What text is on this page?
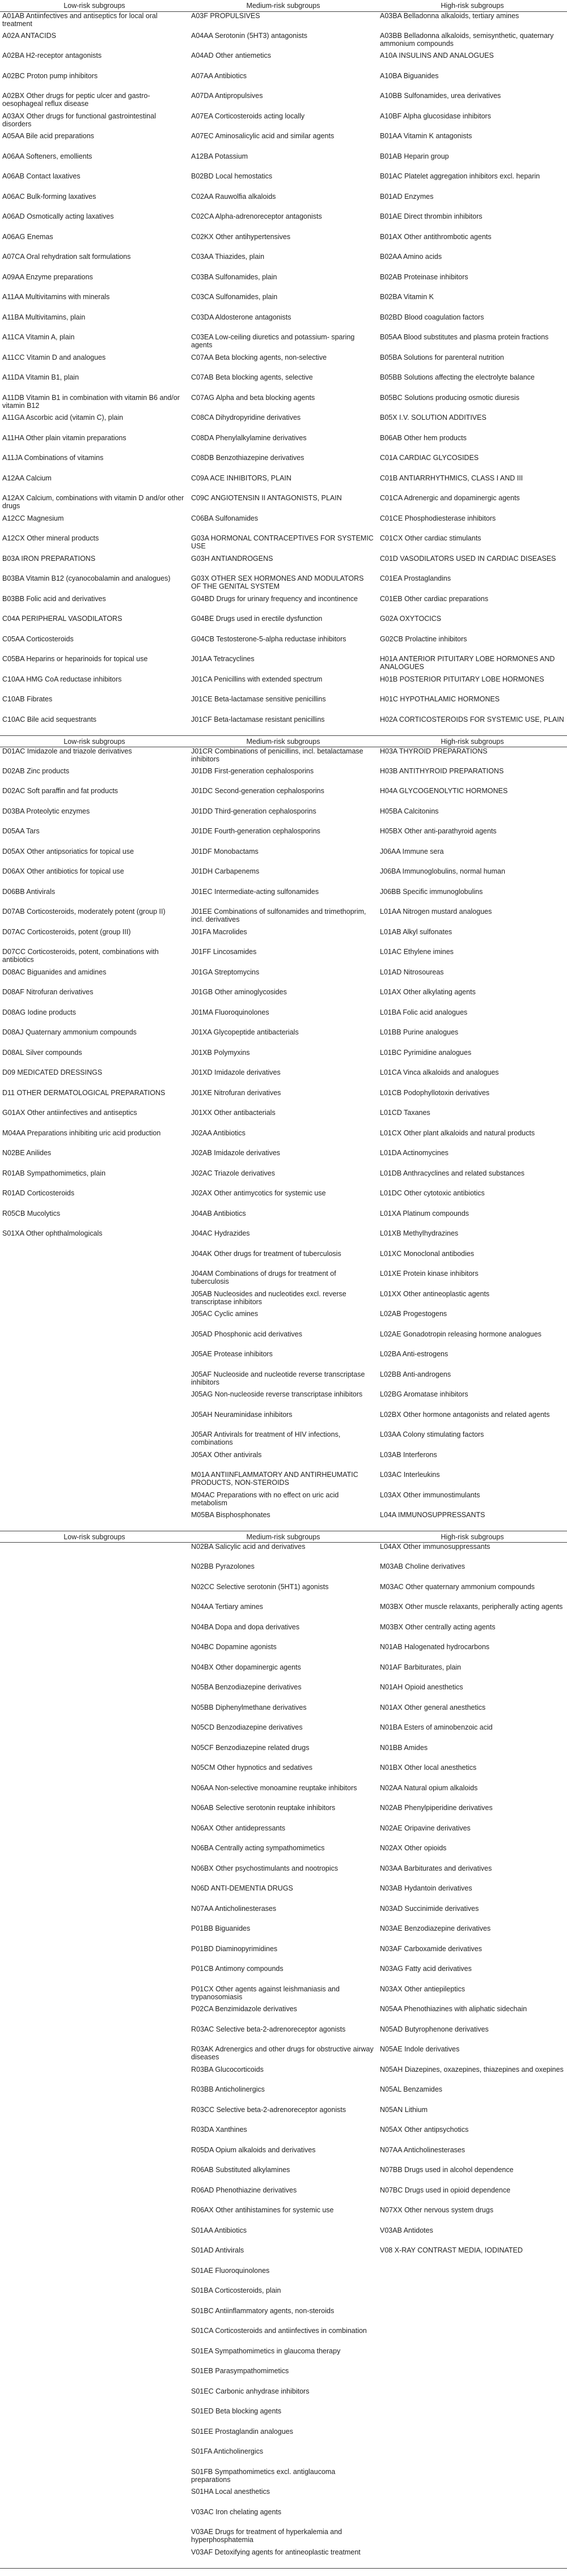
Low-risk subgroups	Medium-risk subgroups	High-risk subgroups
A01AB Antiinfectives and antiseptics for local oral treatment	A03F PROPULSIVES	A03BA Belladonna alkaloids, tertiary amines
A02A ANTACIDS	A04AA Serotonin (5HT3) antagonists	A03BB Belladonna alkaloids, semisynthetic, quaternary ammonium compounds
A02BA H2-receptor antagonists	A04AD Other antiemetics	A10A INSULINS AND ANALOGUES
A02BC Proton pump inhibitors	A07AA Antibiotics	A10BA Biguanides
A02BX Other drugs for peptic ulcer and gastro-oesophageal reflux disease	A07DA Antipropulsives	A10BB Sulfonamides, urea derivatives
A03AX Other drugs for functional gastrointestinal disorders	A07EA Corticosteroids acting locally	A10BF Alpha glucosidase inhibitors
A05AA Bile acid preparations	A07EC Aminosalicylic acid and similar agents	B01AA Vitamin K antagonists
A06AA Softeners, emollients	A12BA Potassium	B01AB Heparin group
A06AB Contact laxatives	B02BD Local hemostatics	B01AC Platelet aggregation inhibitors excl. heparin
A06AC Bulk-forming laxatives	C02AA Rauwolfia alkaloids	B01AD Enzymes
A06AD Osmotically acting laxatives	C02CA Alpha-adrenoreceptor antagonists	B01AE Direct thrombin inhibitors
A06AG Enemas	C02KX Other antihypertensives	B01AX Other antithrombotic agents
A07CA Oral rehydration salt formulations	C03AA Thiazides, plain	B02AA Amino acids
A09AA Enzyme preparations	C03BA Sulfonamides, plain	B02AB Proteinase inhibitors
A11AA Multivitamins with minerals	C03CA Sulfonamides, plain	B02BA Vitamin K
A11BA Multivitamins, plain	C03DA Aldosterone antagonists	B02BD Blood coagulation factors
A11CA Vitamin A, plain	C03EA Low-ceiling diuretics and potassium- sparing agents	B05AA Blood substitutes and plasma protein fractions
A11CC Vitamin D and analogues	C07AA Beta blocking agents, non-selective	B05BA Solutions for parenteral nutrition
A11DA Vitamin B1, plain	C07AB Beta blocking agents, selective	B05BB Solutions affecting the electrolyte balance
A11DB Vitamin B1 in combination with vitamin B6 and/or vitamin B12	C07AG Alpha and beta blocking agents	B05BC Solutions producing osmotic diuresis
A11GA Ascorbic acid (vitamin C), plain	C08CA Dihydropyridine derivatives	B05X I.V. SOLUTION ADDITIVES
A11HA Other plain vitamin preparations	C08DA Phenylalkylamine derivatives	B06AB Other hem products
A11JA Combinations of vitamins	C08DB Benzothiazepine derivatives	C01A CARDIAC GLYCOSIDES
A12AA Calcium	C09A ACE INHIBITORS, PLAIN	C01B ANTIARRHYTHMICS, CLASS I AND III
A12AX Calcium, combinations with vitamin D and/or other drugs	C09C ANGIOTENSIN II ANTAGONISTS, PLAIN	C01CA Adrenergic and dopaminergic agents
A12CC Magnesium	C06BA Sulfonamides	C01CE Phosphodiesterase inhibitors
A12CX Other mineral products	G03A HORMONAL CONTRACEPTIVES FOR SYSTEMIC USE	C01CX Other cardiac stimulants
B03A IRON PREPARATIONS	G03H ANTIANDROGENS	C01D VASODILATORS USED IN CARDIAC DISEASES
B03BA Vitamin B12 (cyanocobalamin and analogues)	G03X OTHER SEX HORMONES AND MODULATORS OF THE GENITAL SYSTEM	C01EA Prostaglandins
B03BB Folic acid and derivatives	G04BD Drugs for urinary frequency and incontinence	C01EB Other cardiac preparations
C04A PERIPHERAL VASODILATORS	G04BE Drugs used in erectile dysfunction	G02A OXYTOCICS
C05AA Corticosteroids	G04CB Testosterone-5-alpha reductase inhibitors	G02CB Prolactine inhibitors
C05BA Heparins or heparinoids for topical use	J01AA Tetracyclines	H01A ANTERIOR PITUITARY LOBE HORMONES AND ANALOGUES
C10AA HMG CoA reductase inhibitors	J01CA Penicillins with extended spectrum	H01B POSTERIOR PITUITARY LOBE HORMONES
C10AB Fibrates	J01CE Beta-lactamase sensitive penicillins	H01C HYPOTHALAMIC HORMONES
C10AC Bile acid sequestrants	J01CF Beta-lactamase resistant penicillins	H02A CORTICOSTEROIDS FOR SYSTEMIC USE, PLAIN
Low-risk subgroups	Medium-risk subgroups	High-risk subgroups
D01AC Imidazole and triazole derivatives	J01CR Combinations of penicillins, incl. betalactamase inhibitors	H03A THYROID PREPARATIONS
D02AB Zinc products	J01DB First-generation cephalosporins	H03B ANTITHYROID PREPARATIONS
D02AC Soft paraffin and fat products	J01DC Second-generation cephalosporins	H04A GLYCOGENOLYTIC HORMONES
D03BA Proteolytic enzymes	J01DD Third-generation cephalosporins	H05BA Calcitonins
D05AA Tars	J01DE Fourth-generation cephalosporins	H05BX Other anti-parathyroid agents
D05AX Other antipsoriatics for topical use	J01DF Monobactams	J06AA Immune sera
D06AX Other antibiotics for topical use	J01DH Carbapenems	J06BA Immunoglobulins, normal human
D06BB Antivirals	J01EC Intermediate-acting sulfonamides	J06BB Specific immunoglobulins
D07AB Corticosteroids, moderately potent (group II)	J01EE Combinations of sulfonamides and trimethoprim, incl. derivatives	L01AA Nitrogen mustard analogues
D07AC Corticosteroids, potent (group III)	J01FA Macrolides	L01AB Alkyl sulfonates
D07CC Corticosteroids, potent, combinations with antibiotics	J01FF Lincosamides	L01AC Ethylene imines
D08AC Biguanides and amidines	J01GA Streptomycins	L01AD Nitrosoureas
D08AF Nitrofuran derivatives	J01GB Other aminoglycosides	L01AX Other alkylating agents
D08AG Iodine products	J01MA Fluoroquinolones	L01BA Folic acid analogues
D08AJ Quaternary ammonium compounds	J01XA Glycopeptide antibacterials	L01BB Purine analogues
D08AL Silver compounds	J01XB Polymyxins	L01BC Pyrimidine analogues
D09 MEDICATED DRESSINGS	J01XD Imidazole derivatives	L01CA Vinca alkaloids and analogues
D11 OTHER DERMATOLOGICAL PREPARATIONS	J01XE Nitrofuran derivatives	L01CB Podophyllotoxin derivatives
G01AX Other antiinfectives and antiseptics	J01XX Other antibacterials	L01CD Taxanes
M04AA Preparations inhibiting uric acid production	J02AA Antibiotics	L01CX Other plant alkaloids and natural products
N02BE Anilides	J02AB Imidazole derivatives	L01DA Actinomycines
R01AB Sympathomimetics, plain	J02AC Triazole derivatives	L01DB Anthracyclines and related substances
R01AD Corticosteroids	J02AX Other antimycotics for systemic use	L01DC Other cytotoxic antibiotics
R05CB Mucolytics	J04AB Antibiotics	L01XA Platinum compounds
S01XA Other ophthalmologicals	J04AC Hydrazides	L01XB Methylhydrazines
	J04AK Other drugs for treatment of tuberculosis	L01XC Monoclonal antibodies
	J04AM Combinations of drugs for treatment of tuberculosis	L01XE Protein kinase inhibitors
	J05AB Nucleosides and nucleotides excl. reverse transcriptase inhibitors	L01XX Other antineoplastic agents
	J05AC Cyclic amines	L02AB Progestogens
	J05AD Phosphonic acid derivatives	L02AE Gonadotropin releasing hormone analogues
	J05AE Protease inhibitors	L02BA Anti-estrogens
	J05AF Nucleoside and nucleotide reverse transcriptase inhibitors	L02BB Anti-androgens
	J05AG Non-nucleoside reverse transcriptase inhibitors	L02BG Aromatase inhibitors
	J05AH Neuraminidase inhibitors	L02BX Other hormone antagonists and related agents
	J05AR Antivirals for treatment of HIV infections, combinations	L03AA Colony stimulating factors
	J05AX Other antivirals	L03AB Interferons
	M01A ANTIINFLAMMATORY AND ANTIRHEUMATIC PRODUCTS, NON-STEROIDS	L03AC Interleukins
	M04AC Preparations with no effect on uric acid metabolism	L03AX Other immunostimulants
	M05BA Bisphosphonates	L04A IMMUNOSUPPRESSANTS
Low-risk subgroups	Medium-risk subgroups	High-risk subgroups
	N02BA Salicylic acid and derivatives	L04AX Other immunosuppressants
	N02BB Pyrazolones	M03AB Choline derivatives
	N02CC Selective serotonin (5HT1) agonists	M03AC Other quaternary ammonium compounds
	N04AA Tertiary amines	M03BX Other muscle relaxants, peripherally acting agents
	N04BA Dopa and dopa derivatives	M03BX Other centrally acting agents
	N04BC Dopamine agonists	N01AB Halogenated hydrocarbons
	N04BX Other dopaminergic agents	N01AF Barbiturates, plain
	N05BA Benzodiazepine derivatives	N01AH Opioid anesthetics
	N05BB Diphenylmethane derivatives	N01AX Other general anesthetics
	N05CD Benzodiazepine derivatives	N01BA Esters of aminobenzoic acid
	N05CF Benzodiazepine related drugs	N01BB Amides
	N05CM Other hypnotics and sedatives	N01BX Other local anesthetics
	N06AA Non-selective monoamine reuptake inhibitors	N02AA Natural opium alkaloids
	N06AB Selective serotonin reuptake inhibitors	N02AB Phenylpiperidine derivatives
	N06AX Other antidepressants	N02AE Oripavine derivatives
	N06BA Centrally acting sympathomimetics	N02AX Other opioids
	N06BX Other psychostimulants and nootropics	N03AA Barbiturates and derivatives
	N06D ANTI-DEMENTIA DRUGS	N03AB Hydantoin derivatives
	N07AA Anticholinesterases	N03AD Succinimide derivatives
	P01BB Biguanides	N03AE Benzodiazepine derivatives
	P01BD Diaminopyrimidines	N03AF Carboxamide derivatives
	P01CB Antimony compounds	N03AG Fatty acid derivatives
	P01CX Other agents against leishmaniasis and trypanosomiasis	N03AX Other antiepileptics
	P02CA Benzimidazole derivatives	N05AA Phenothiazines with aliphatic sidechain
	R03AC Selective beta-2-adrenoreceptor agonists	N05AD Butyrophenone derivatives
	R03AK Adrenergics and other drugs for obstructive airway diseases	N05AE Indole derivatives
	R03BA Glucocorticoids	N05AH Diazepines, oxazepines, thiazepines and oxepines
	R03BB Anticholinergics	N05AL Benzamides
	R03CC Selective beta-2-adrenoreceptor agonists	N05AN Lithium
	R03DA Xanthines	N05AX Other antipsychotics
	R05DA Opium alkaloids and derivatives	N07AA Anticholinesterases
	R06AB Substituted alkylamines	N07BB Drugs used in alcohol dependence
	R06AD Phenothiazine derivatives	N07BC Drugs used in opioid dependence
	R06AX Other antihistamines for systemic use	N07XX Other nervous system drugs
	S01AA Antibiotics	V03AB Antidotes
	S01AD Antivirals	V08 X-RAY CONTRAST MEDIA, IODINATED
	S01AE Fluoroquinolones	
	S01BA Corticosteroids, plain	
	S01BC Antiinflammatory agents, non-steroids	
	S01CA Corticosteroids and antiinfectives in combination	
	S01EA Sympathomimetics in glaucoma therapy	
	S01EB Parasympathomimetics	
	S01EC Carbonic anhydrase inhibitors	
	S01ED Beta blocking agents	
	S01EE Prostaglandin analogues	
	S01FA Anticholinergics	
	S01FB Sympathomimetics excl. antiglaucoma preparations	
	S01HA Local anesthetics	
	V03AC Iron chelating agents	
	V03AE Drugs for treatment of hyperkalemia and hyperphosphatemia	
	V03AF Detoxifying agents for antineoplastic treatment	
